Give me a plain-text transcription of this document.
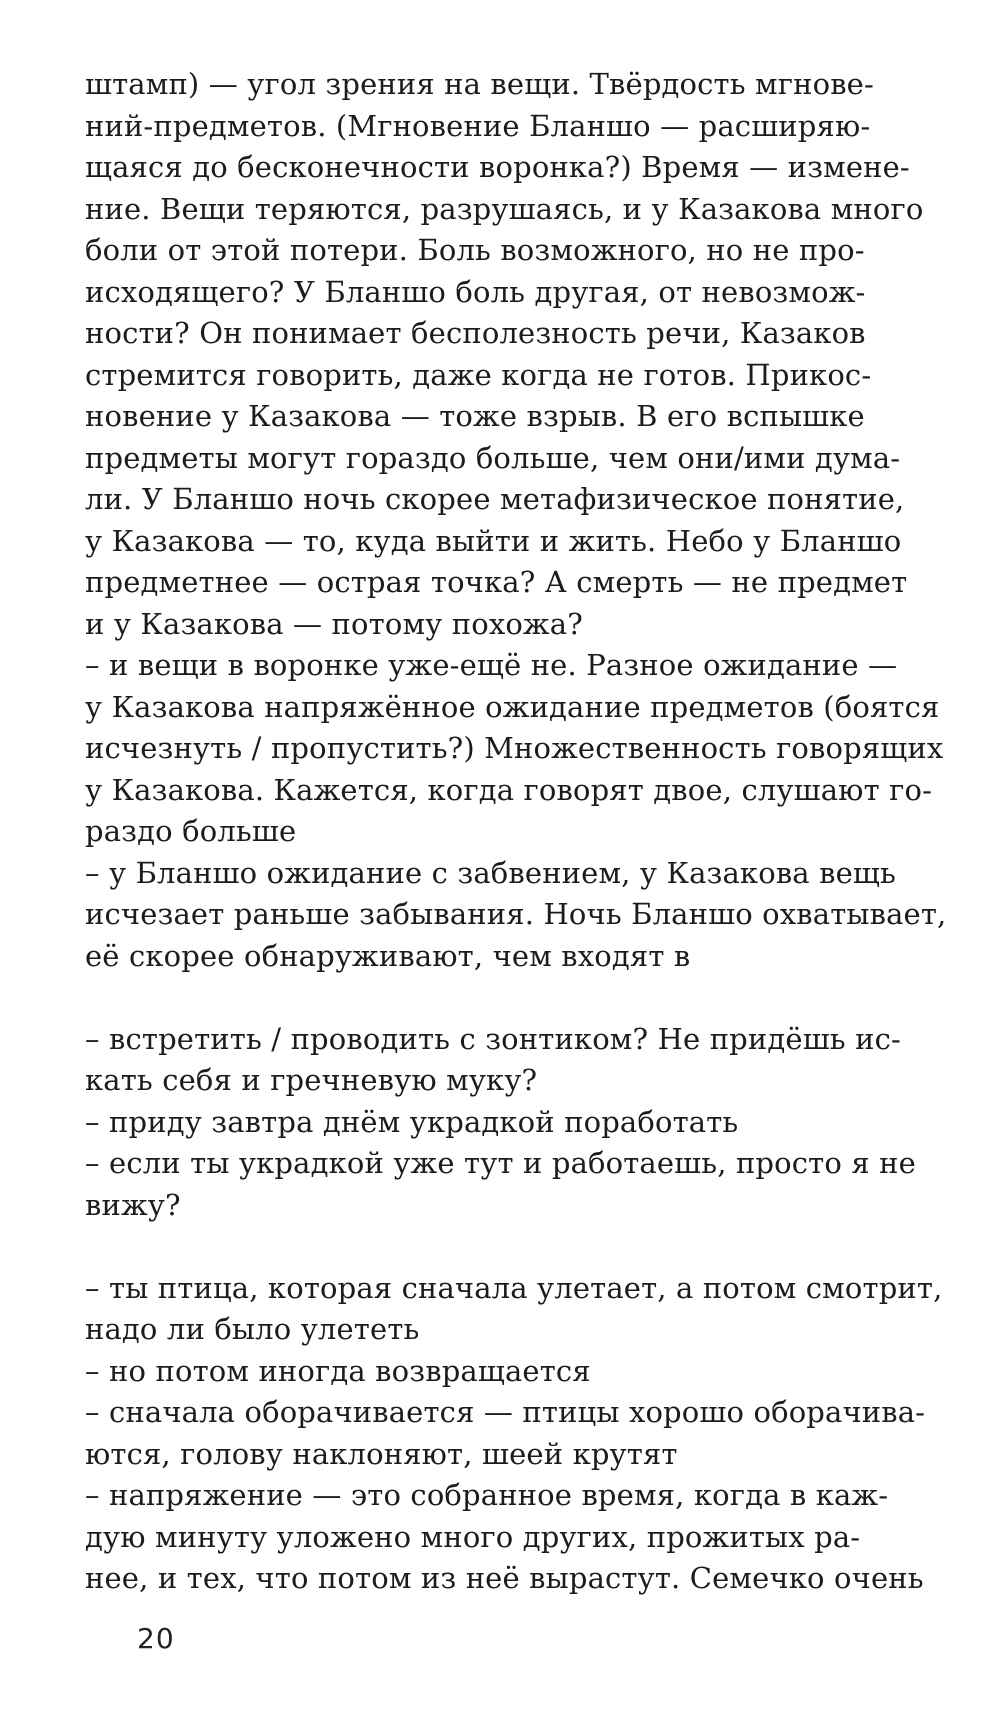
штамп) — угол зрения на вещи. Твёрдость мгнове-
ний-предметов. (Мгновение Бланшо — расширяю-
щаяся до бесконечности воронка?) Время — изменe-
ние. Вещи теряются, разрушаясь, и у Казакова много
боли от этой потери. Боль возможного, но не про-
исходящего? У Бланшо боль другая, от невозмож-
ности? Он понимает бесполезность речи, Казаков
стремится говорить, даже когда не готов. Прикос-
новение у Казакова — тоже взрыв. В его вспышке
предметы могут гораздо больше, чем они/ими дума-
ли. У Бланшо ночь скорее метафизическое понятие,
у Казакова — то, куда выйти и жить. Небо у Бланшо
предметнее — острая точка? А смерть — не предмет
и у Казакова — потому похожа?
– и вещи в воронке уже-ещё не. Разное ожидание —
у Казакова напряжённое ожидание предметов (боятся
исчезнуть / пропустить?) Множественность говорящих
у Казакова. Кажется, когда говорят двое, слушают го-
раздо больше
– у Бланшо ожидание с забвением, у Казакова вещь
исчезает раньше забывания. Ночь Бланшо охватывает,
её скорее обнаруживают, чем входят в
– встретить / проводить с зонтиком? Не придёшь ис-
кать себя и гречневую муку?
– приду завтра днём украдкой поработать
– если ты украдкой уже тут и работаешь, просто я не
вижу?
– ты птица, которая сначала улетает, а потом смотрит,
надо ли было улететь
– но потом иногда возвращается
– сначала оборачивается — птицы хорошо оборачива-
ются, голову наклоняют, шеей крутят
– напряжение — это собранное время, когда в каж-
дую минуту уложено много других, прожитых ра-
нее, и тех, что потом из неё вырастут. Семечко очень
20
